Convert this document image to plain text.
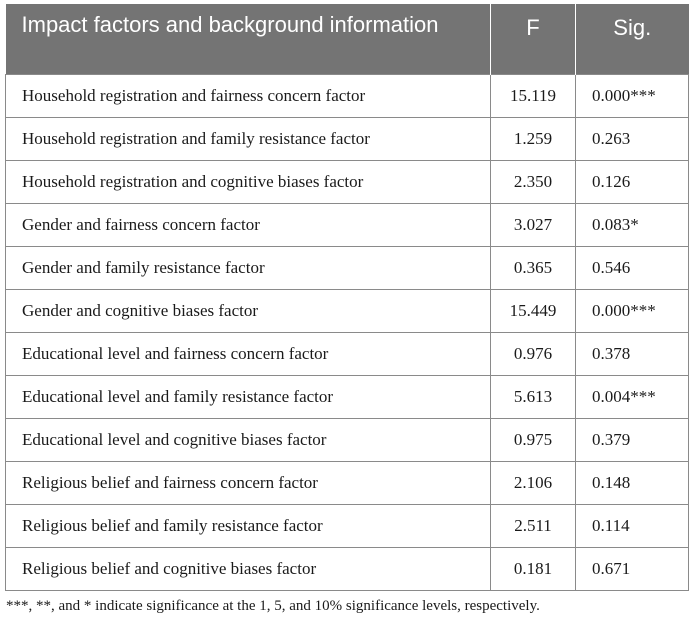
Impact factors and background information	F	Sig.
Household registration and fairness concern factor	15.119	0.000***
Household registration and family resistance factor	1.259	0.263
Household registration and cognitive biases factor	2.350	0.126
Gender and fairness concern factor	3.027	0.083*
Gender and family resistance factor	0.365	0.546
Gender and cognitive biases factor	15.449	0.000***
Educational level and fairness concern factor	0.976	0.378
Educational level and family resistance factor	5.613	0.004***
Educational level and cognitive biases factor	0.975	0.379
Religious belief and fairness concern factor	2.106	0.148
Religious belief and family resistance factor	2.511	0.114
Religious belief and cognitive biases factor	0.181	0.671
***, **, and * indicate significance at the 1, 5, and 10% significance levels, respectively.
